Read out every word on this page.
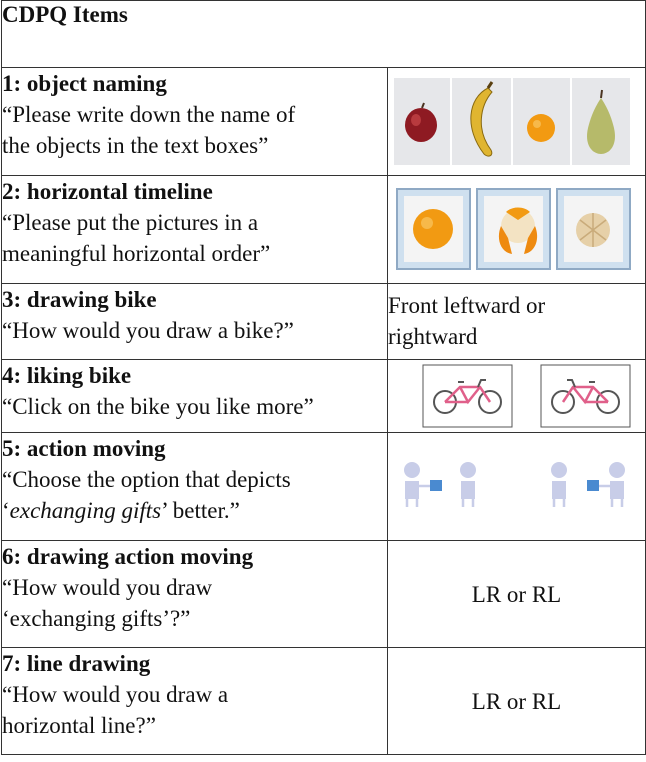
CDPQ Items	

1: object naming
“Please write down the name of
the objects in the text boxes”

2: horizontal timeline
“Please put the pictures in a
meaningful horizontal order”

3: drawing bike
“How would you draw a bike?”	Front leftward or
rightward

4: liking bike
“Click on the bike you like more”

5: action moving
“Choose the option that depicts
‘exchanging gifts’ better.”

6: drawing action moving
“How would you draw
‘exchanging gifts’?”	LR or RL

7: line drawing
“How would you draw a
horizontal line?”	LR or RL
